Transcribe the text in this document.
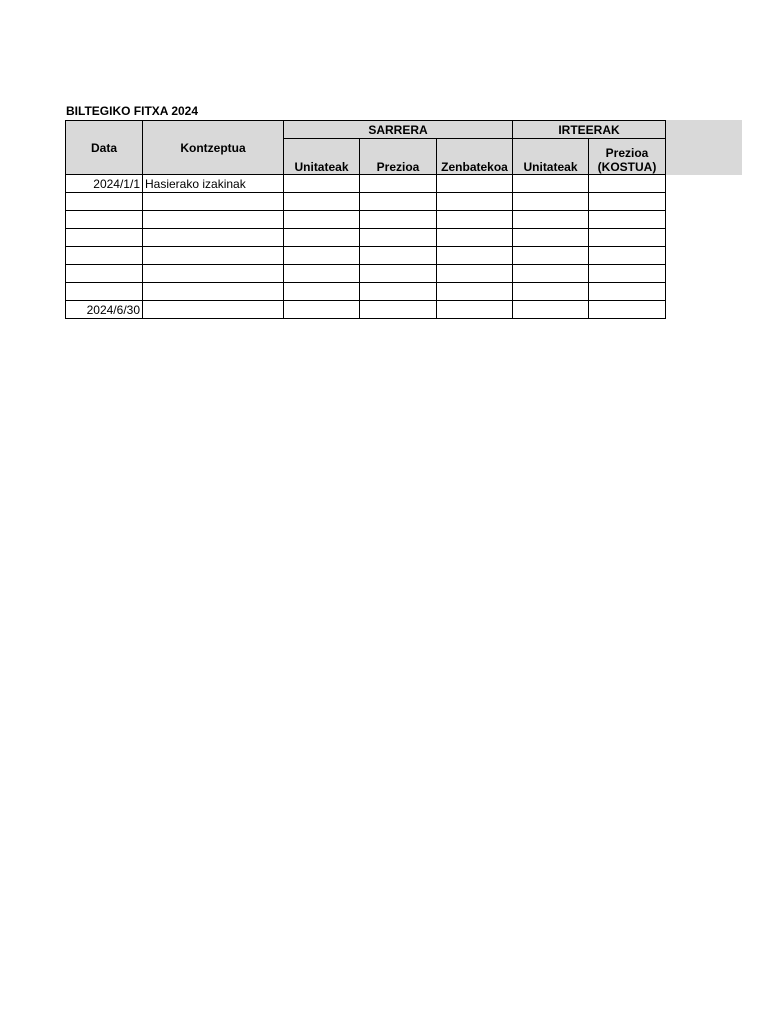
BILTEGIKO FITXA 2024
Data	Kontzeptua	SARRERA			IRTEERAK	
		Unitateak	Prezioa	Zenbatekoa	Unitateak	Prezioa (KOSTUA)
2024/1/1	Hasierako izakinak					

2024/6/30						
